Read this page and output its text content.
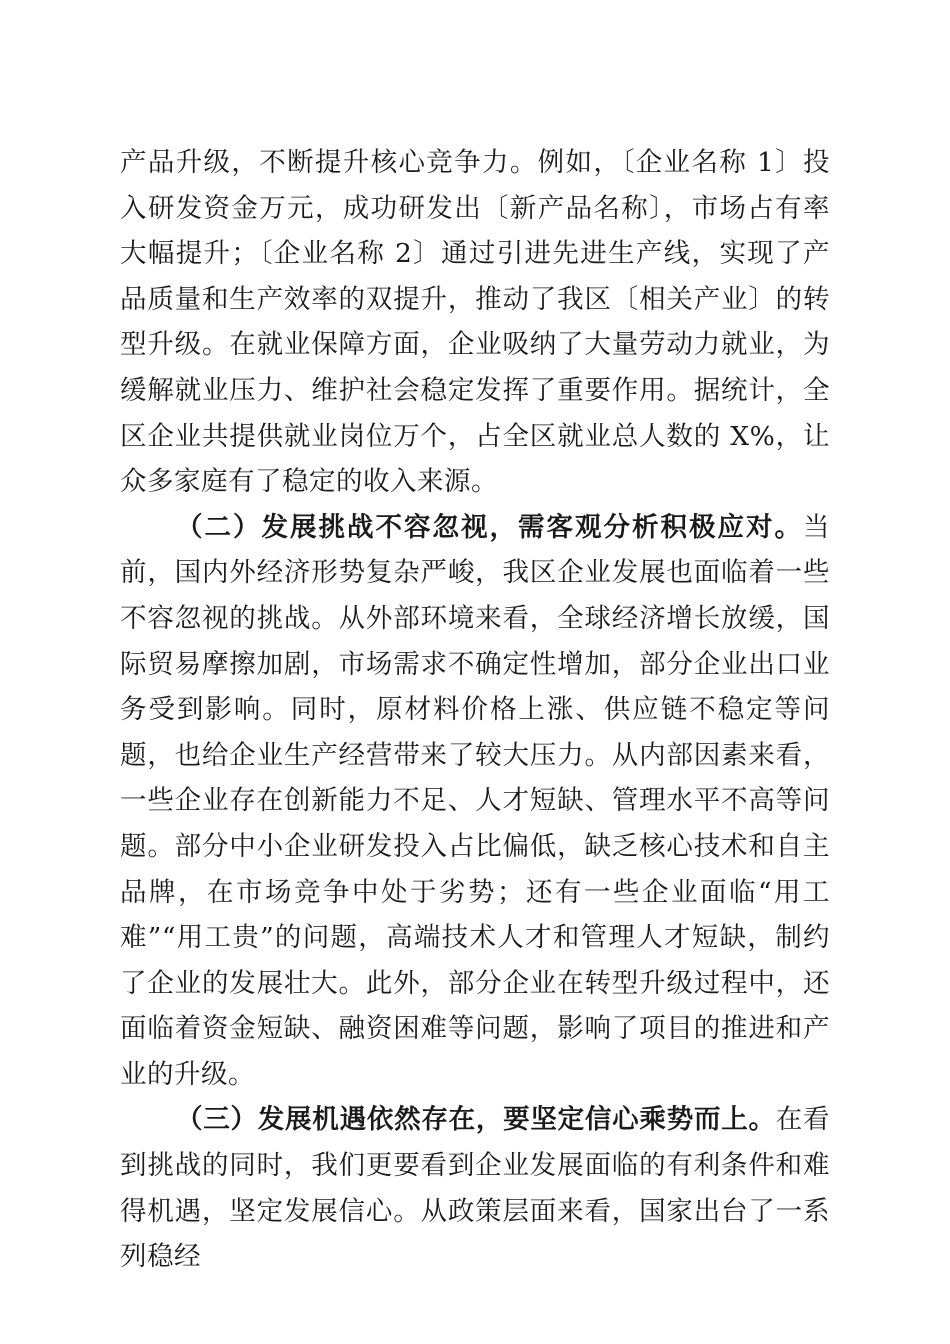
产品升级，不断提升核心竞争力。例如，〔企业名称 1〕投入研发资金万元，成功研发出〔新产品名称〕，市场占有率大幅提升；〔企业名称 2〕通过引进先进生产线，实现了产品质量和生产效率的双提升，推动了我区〔相关产业〕的转型升级。在就业保障方面，企业吸纳了大量劳动力就业，为缓解就业压力、维护社会稳定发挥了重要作用。据统计，全区企业共提供就业岗位万个，占全区就业总人数的 X%，让众多家庭有了稳定的收入来源。

（二）发展挑战不容忽视，需客观分析积极应对。当前，国内外经济形势复杂严峻，我区企业发展也面临着一些不容忽视的挑战。从外部环境来看，全球经济增长放缓，国际贸易摩擦加剧，市场需求不确定性增加，部分企业出口业务受到影响。同时，原材料价格上涨、供应链不稳定等问题，也给企业生产经营带来了较大压力。从内部因素来看，一些企业存在创新能力不足、人才短缺、管理水平不高等问题。部分中小企业研发投入占比偏低，缺乏核心技术和自主品牌，在市场竞争中处于劣势；还有一些企业面临“用工难”“用工贵”的问题，高端技术人才和管理人才短缺，制约了企业的发展壮大。此外，部分企业在转型升级过程中，还面临着资金短缺、融资困难等问题，影响了项目的推进和产业的升级。

（三）发展机遇依然存在，要坚定信心乘势而上。在看到挑战的同时，我们更要看到企业发展面临的有利条件和难得机遇，坚定发展信心。从政策层面来看，国家出台了一系列稳经
